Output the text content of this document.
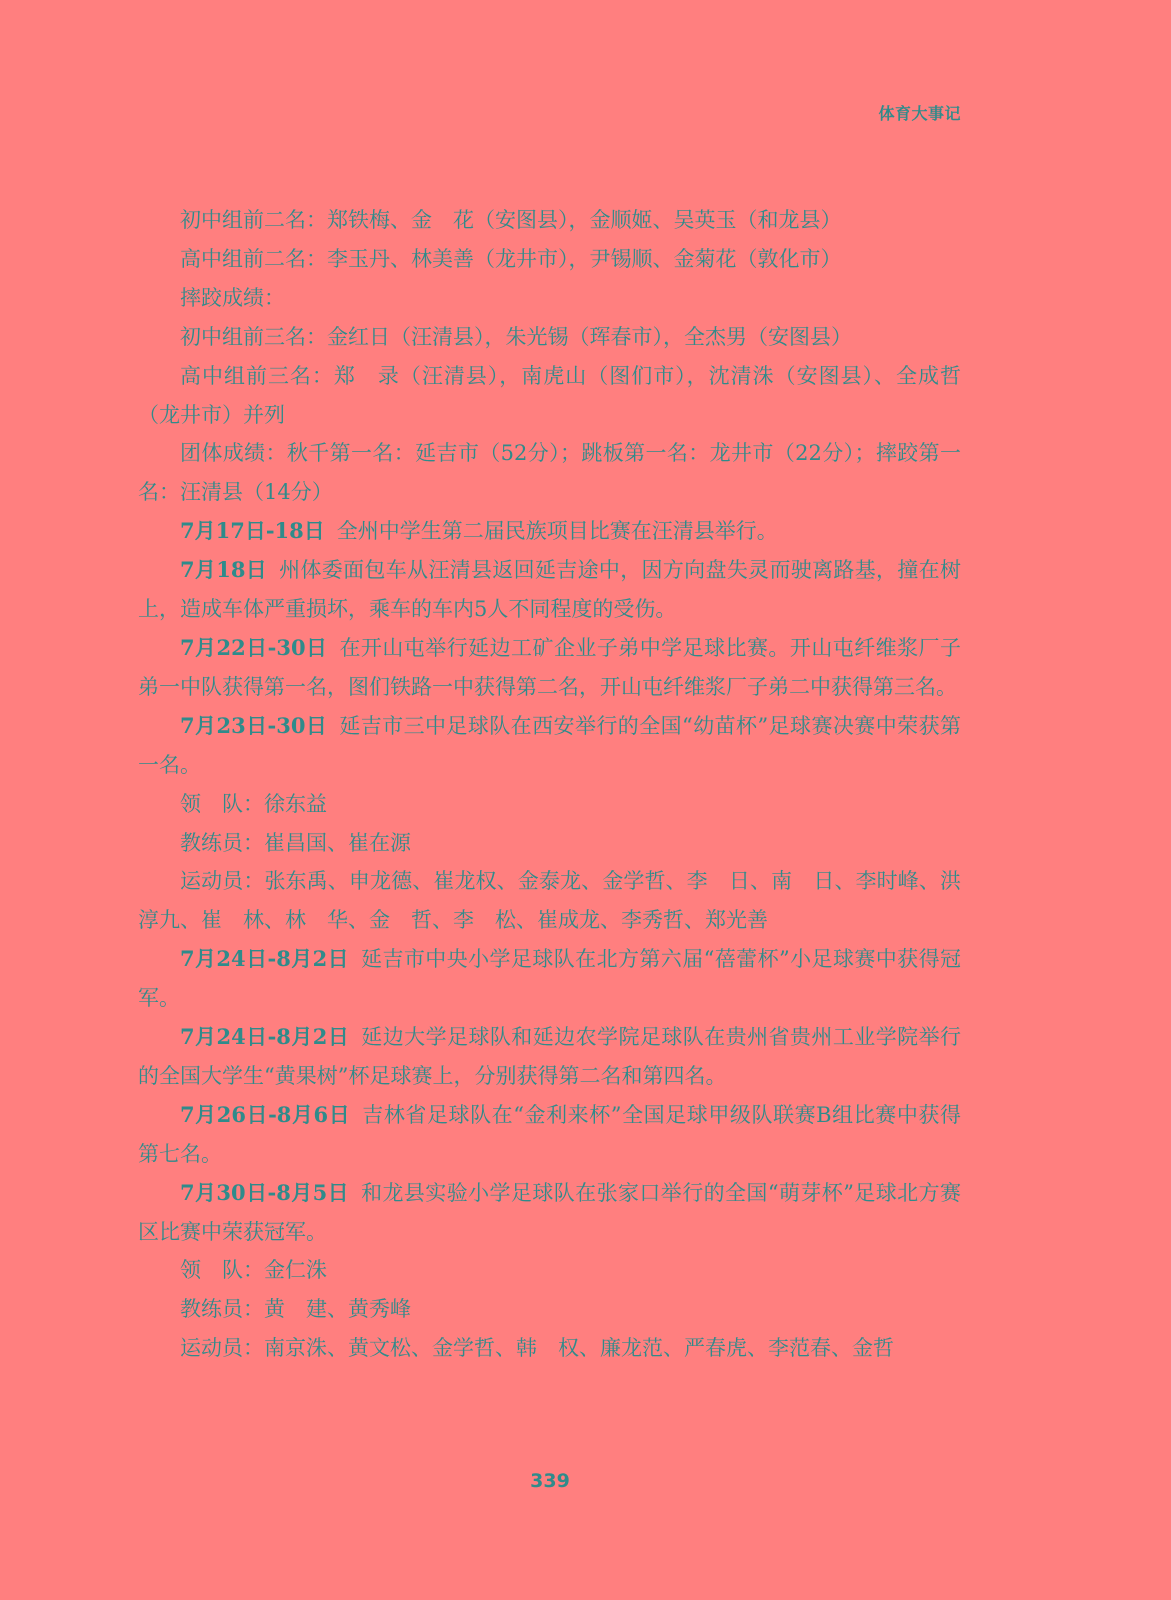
体育大事记

初中组前二名：郑铁梅、金　花（安图县），金顺姬、吴英玉（和龙县）

高中组前二名：李玉丹、林美善（龙井市），尹锡顺、金菊花（敦化市）

摔跤成绩：

初中组前三名：金红日（汪清县），朱光锡（珲春市），全杰男（安图县）

高中组前三名：郑　录（汪清县），南虎山（图们市），沈清洙（安图县）、全成哲（龙井市）并列

团体成绩：秋千第一名：延吉市（52分）；跳板第一名：龙井市（22分）；摔跤第一名：汪清县（14分）

7月17日-18日 全州中学生第二届民族项目比赛在汪清县举行。

7月18日 州体委面包车从汪清县返回延吉途中，因方向盘失灵而驶离路基，撞在树上，造成车体严重损坏，乘车的车内5人不同程度的受伤。

7月22日-30日 在开山屯举行延边工矿企业子弟中学足球比赛。开山屯纤维浆厂子弟一中队获得第一名，图们铁路一中获得第二名，开山屯纤维浆厂子弟二中获得第三名。

7月23日-30日 延吉市三中足球队在西安举行的全国“幼苗杯”足球赛决赛中荣获第一名。

领　队：徐东益

教练员：崔昌国、崔在源

运动员：张东禹、申龙德、崔龙权、金泰龙、金学哲、李　日、南　日、李时峰、洪淳九、崔　林、林　华、金　哲、李　松、崔成龙、李秀哲、郑光善

7月24日-8月2日 延吉市中央小学足球队在北方第六届“蓓蕾杯”小足球赛中获得冠军。

7月24日-8月2日 延边大学足球队和延边农学院足球队在贵州省贵州工业学院举行的全国大学生“黄果树”杯足球赛上，分别获得第二名和第四名。

7月26日-8月6日 吉林省足球队在“金利来杯”全国足球甲级队联赛B组比赛中获得第七名。

7月30日-8月5日 和龙县实验小学足球队在张家口举行的全国“萌芽杯”足球北方赛区比赛中荣获冠军。

领　队：金仁洙

教练员：黄　建、黄秀峰

运动员：南京洙、黄文松、金学哲、韩　权、廉龙范、严春虎、李范春、金哲

339
